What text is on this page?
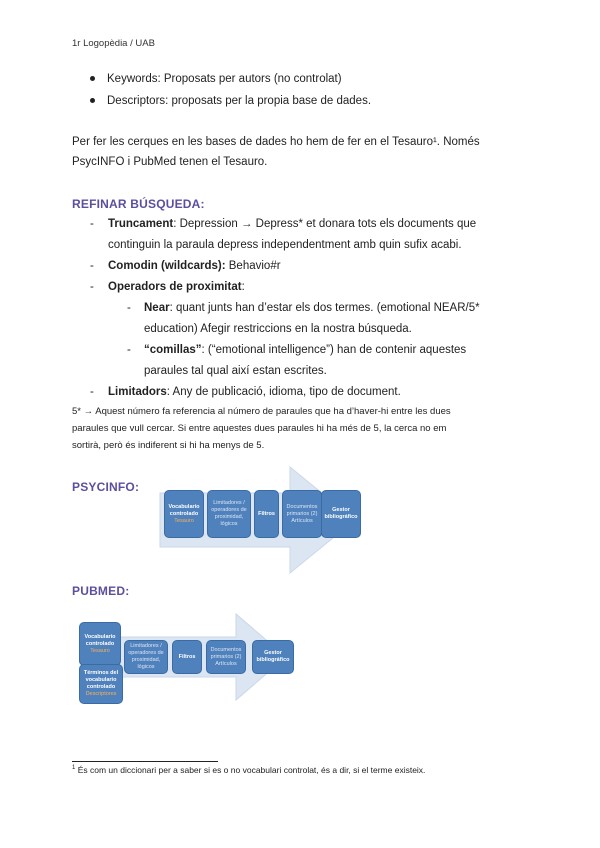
1r Logopèdia / UAB
Keywords: Proposats per autors (no controlat)
Descriptors: proposats per la propia base de dades.
Per fer les cerques en les bases de dades ho hem de fer en el Tesauro¹. Només
PsycINFO i PubMed tenen el Tesauro.
REFINAR BÚSQUEDA:
- Truncament: Depression → Depress* et donara tots els documents que
continguin la paraula depress independentment amb quin sufix acabi.
- Comodin (wildcards): Behavio#r
- Operadors de proximitat:
- Near: quant junts han d’estar els dos termes. (emotional NEAR/5*
education) Afegir restriccions en la nostra búsqueda.
- “comillas”: (“emotional intelligence”) han de contenir aquestes
paraules tal qual així estan escrites.
- Limitadors: Any de publicació, idioma, tipo de document.
5* → Aquest número fa referencia al número de paraules que ha d’haver-hi entre les dues
paraules que vull cercar. Si entre aquestes dues paraules hi ha més de 5, la cerca no em
sortirà, però és indiferent si hi ha menys de 5.
PSYCINFO:
Vocabulario controlado
Tesauro
Limitadores / operadores de proximidad, lógicos
Filtros
Documentos primarios (2) Artículos
Gestor bibliográfico
PUBMED:
Vocabulario controlado
Tesauro
Términos del vocabulario controlado
Descriptores
Limitadores / operadores de proximidad, lógicos
Filtros
Documentos primarios (2) Artículos
Gestor bibliográfico
$^1$ És com un diccionari per a saber si es o no vocabulari controlat, és a dir, si el terme existeix.
